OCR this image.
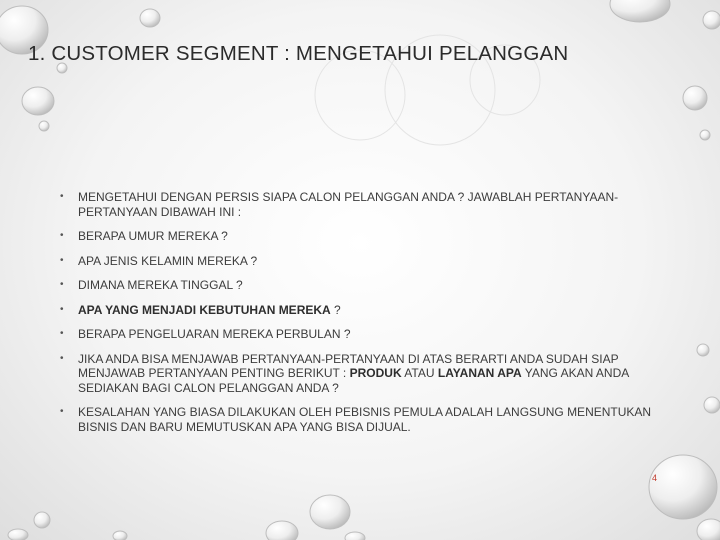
1. CUSTOMER SEGMENT : MENGETAHUI PELANGGAN
• MENGETAHUI DENGAN PERSIS SIAPA CALON PELANGGAN ANDA ? JAWABLAH PERTANYAAN-PERTANYAAN DIBAWAH INI :
• BERAPA UMUR MEREKA ?
• APA JENIS KELAMIN MEREKA ?
• DIMANA MEREKA TINGGAL ?
• APA YANG MENJADI KEBUTUHAN MEREKA ?
• BERAPA PENGELUARAN MEREKA PERBULAN ?
• JIKA ANDA BISA MENJAWAB PERTANYAAN-PERTANYAAN DI ATAS BERARTI ANDA SUDAH SIAP MENJAWAB PERTANYAAN PENTING BERIKUT : PRODUK ATAU LAYANAN APA YANG AKAN ANDA SEDIAKAN BAGI CALON PELANGGAN ANDA ?
• KESALAHAN YANG BIASA DILAKUKAN OLEH PEBISNIS PEMULA ADALAH LANGSUNG MENENTUKAN BISNIS DAN BARU MEMUTUSKAN APA YANG BISA DIJUAL.
4
